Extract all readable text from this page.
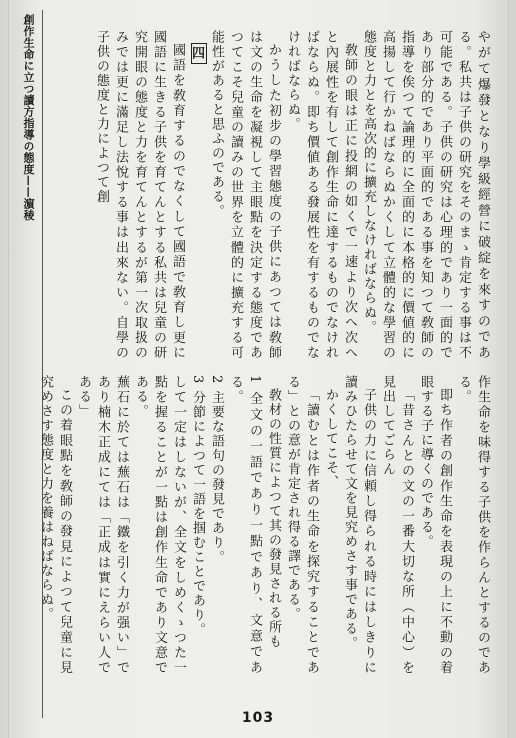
創作生命に立つ讀方指導の態度——濵稜	やがて爆發となり學級經營に破綻を來すのである。私共は子供の研究をそのまゝ肯定する事は不可能である。子供の研究は心理的であり一面的であり部分的であり平面的である事を知つて敎師の指導を俟つて論理的に全面的に本格的に價値的に高揚して行かねばならぬかくして立體的な學習の態度と力とを高次的に擴充しなければならぬ。

敎師の眼は正に投網の如くで一速より次へ次へと內展性を有して創作生命に達するものでなければならぬ。即ち價値ある發展性を有するものでなければならぬ。

かうした初步の學習態度の子供にあつては敎師は文の生命を凝視して主眼點を決定する態度であつてこそ兒童の讀みの世界を立體的に擴充する可能性があると思ふのである。

四

國語を敎育するのでなくして國語で敎育し更に國語に生きる子供を育てんとする私共は兒童の研究開眼の態度と力を育てんとするが第一次取扱のみでは更に滿足し法悅する事は出來ない。自學の子供の態度と力によつて創

作生命を味得する子供を作らんとするのである。

即ち作者の創作生命を表現の上に不動の着眼する子に導くのである。

「昔さんとの文の一番大切な所（中心）を見出してごらん

子供の力に信頼し得られる時にはしきりに讀みひたらせて文を見究めさす事である。

かくしてこそ、

「讀むとは作者の生命を探究することである」との意が肯定され得る譯である。

敎材の性質によつて其の發見される所も

1 全文の一語であり一點であり、文意である。

2 主要な語句の發見であり。

3 分節によつて一語を掴むことであり。

して一定はしないが、全文をしめくゝつた一點を握ることが一點は創作生命であり文意である。

蕪石に於ては蕪石は「鐵を引く力が强い」であり楠木正成にては「正成は實にえらい人である」

この着眼點を敎師の發見によつて兒童に見究めさす態度と力を養はねばならぬ。

103
